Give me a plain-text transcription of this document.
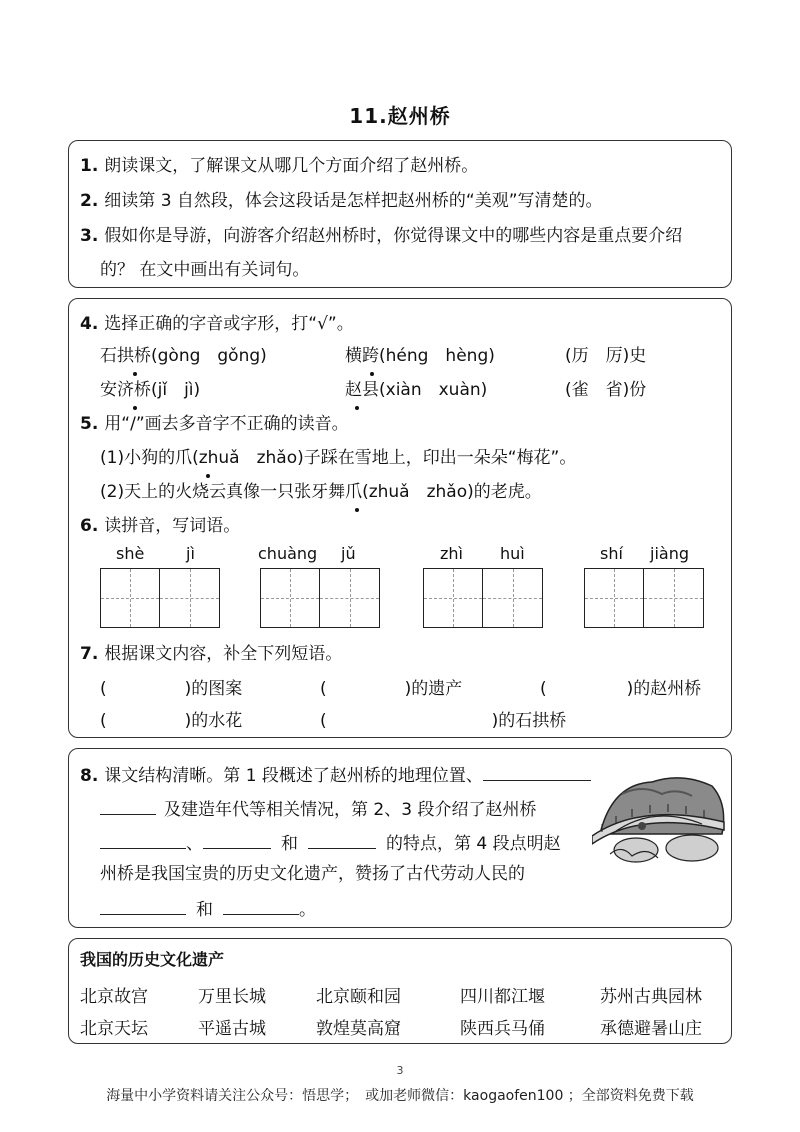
11.赵州桥
1. 朗读课文，了解课文从哪几个方面介绍了赵州桥。
2. 细读第 3 自然段，体会这段话是怎样把赵州桥的“美观”写清楚的。
3. 假如你是导游，向游客介绍赵州桥时，你觉得课文中的哪些内容是重点要介绍
的？ 在文中画出有关词句。
4. 选择正确的字音或字形，打“√”。
石拱桥(gòng　gǒng)	横跨(héng　hèng)	(历　厉)史
安济桥(jǐ　jì)	赵县(xiàn　xuàn)	(雀　省)份
5. 用“/”画去多音字不正确的读音。
(1)小狗的爪(zhuǎ　zhǎo)子踩在雪地上，印出一朵朵“梅花”。
(2)天上的火烧云真像一只张牙舞爪(zhuǎ　zhǎo)的老虎。
6. 读拼音，写词语。
shè	jì	chuàng jǔ	zhì huì	shí jiàng
7. 根据课文内容，补全下列短语。
(	)的图案	(	)的遗产	(	)的赵州桥
(	)的水花	(	)的石拱桥
8. 课文结构清晰。第 1 段概述了赵州桥的地理位置、
及建造年代等相关情况，第 2、3 段介绍了赵州桥
、	和	的特点，第 4 段点明赵
州桥是我国宝贵的历史文化遗产，赞扬了古代劳动人民的
和	。
我国的历史文化遗产
北京故宫	万里长城	北京颐和园	四川都江堰	苏州古典园林
北京天坛	平遥古城	敦煌莫高窟	陕西兵马俑	承德避暑山庄
3
海量中小学资料请关注公众号：悟思学；　或加老师微信：kaogaofen100 ；全部资料免费下载
